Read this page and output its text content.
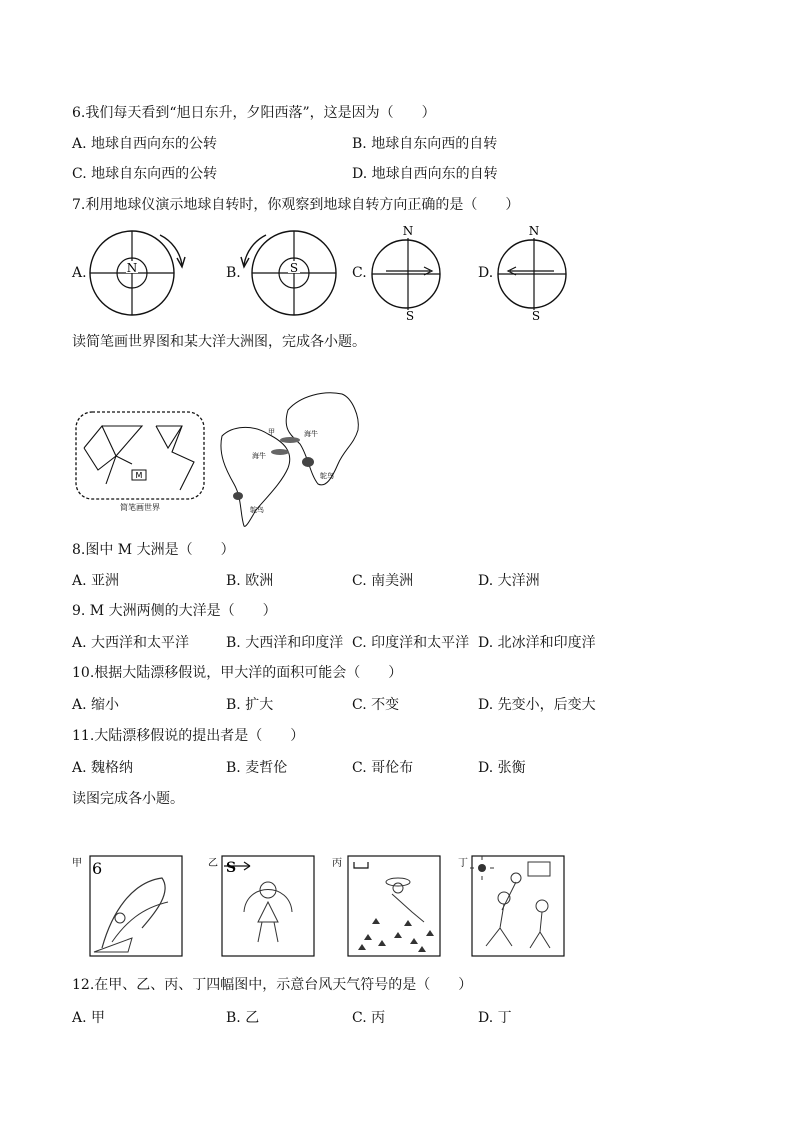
6.我们每天看到“旭日东升，夕阳西落”，这是因为（　　）
A. 地球自西向东的公转	B. 地球自东向西的自转
C. 地球自东向西的公转	D. 地球自西向东的自转
7.利用地球仪演示地球自转时，你观察到地球自转方向正确的是（　　）
A.	B.	C.	D.
N	S
N
S
N
S
读简笔画世界图和某大洋大洲图，完成各小题。
M
简笔画世界
甲	海牛
海牛
鸵鸟
鸵鸟
8.图中 M 大洲是（　　）
A. 亚洲	B. 欧洲	C. 南美洲	D. 大洋洲
9. M 大洲两侧的大洋是（　　）
A. 大西洋和太平洋	B. 大西洋和印度洋 C. 印度洋和太平洋 D. 北冰洋和印度洋
10.根据大陆漂移假说，甲大洋的面积可能会（　　）
A. 缩小	B. 扩大	C. 不变	D. 先变小，后变大
11.大陆漂移假说的提出者是（　　）
A. 魏格纳	B. 麦哲伦	C. 哥伦布	D. 张衡
读图完成各小题。
甲 6	乙 S	丙	丁
12.在甲、乙、丙、丁四幅图中，示意台风天气符号的是（　　）
A. 甲	B. 乙	C. 丙	D. 丁
